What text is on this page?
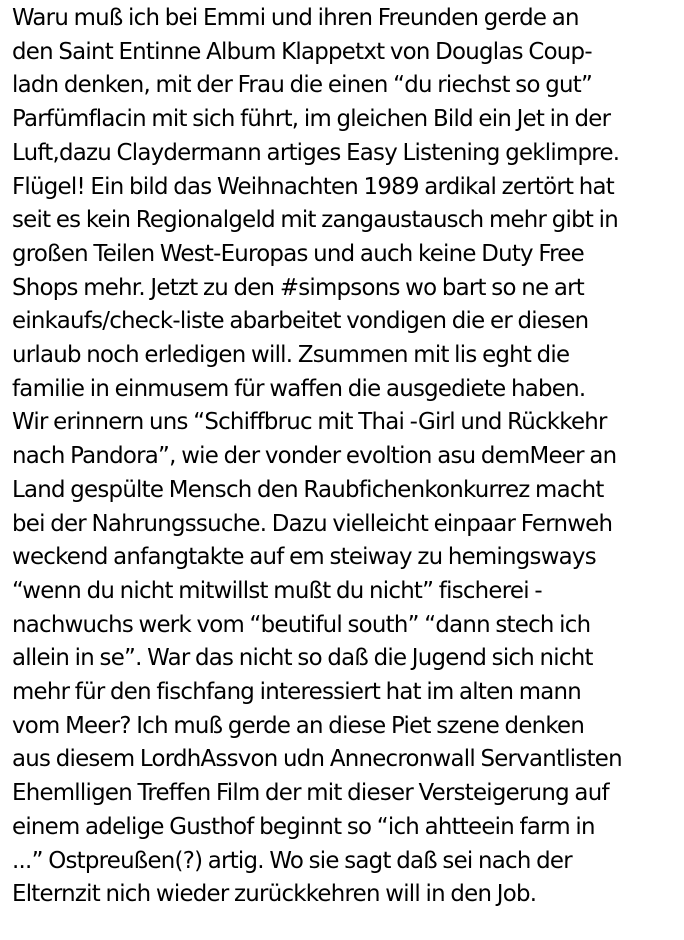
Waru muß ich bei Emmi und ihren Freunden gerde an
den Saint Entinne Album Klappetxt von Douglas Coup-
ladn denken, mit der Frau die einen “du riechst so gut”
Parfümflacin mit sich führt, im gleichen Bild ein Jet in der
Luft,dazu Claydermann artiges Easy Listening geklimpre.
Flügel! Ein bild das Weihnachten 1989 ardikal zertört hat
seit es kein Regionalgeld mit zangaustausch mehr gibt in
großen Teilen West-Europas und auch keine Duty Free
Shops mehr. Jetzt zu den #simpsons wo bart so ne art
einkaufs/check-liste abarbeitet vondigen die er diesen
urlaub noch erledigen will. Zsummen mit lis eght die
familie in einmusem für waffen die ausgediete haben.
Wir erinnern uns “Schiffbruc mit Thai -Girl und Rückkehr
nach Pandora”, wie der vonder evoltion asu demMeer an
Land gespülte Mensch den Raubfichenkonkurrez macht
bei der Nahrungssuche. Dazu vielleicht einpaar Fernweh
weckend anfangtakte auf em steiway zu hemingsways
“wenn du nicht mitwillst mußt du nicht” fischerei -
nachwuchs werk vom “beutiful south” “dann stech ich
allein in se”. War das nicht so daß die Jugend sich nicht
mehr für den fischfang interessiert hat im alten mann
vom Meer? Ich muß gerde an diese Piet szene denken
aus diesem LordhAssvon udn Annecronwall Servantlisten
Ehemlligen Treffen Film der mit dieser Versteigerung auf
einem adelige Gusthof beginnt so “ich ahtteein farm in
...” Ostpreußen(?) artig. Wo sie sagt daß sei nach der
Elternzit nich wieder zurückkehren will in den Job.
